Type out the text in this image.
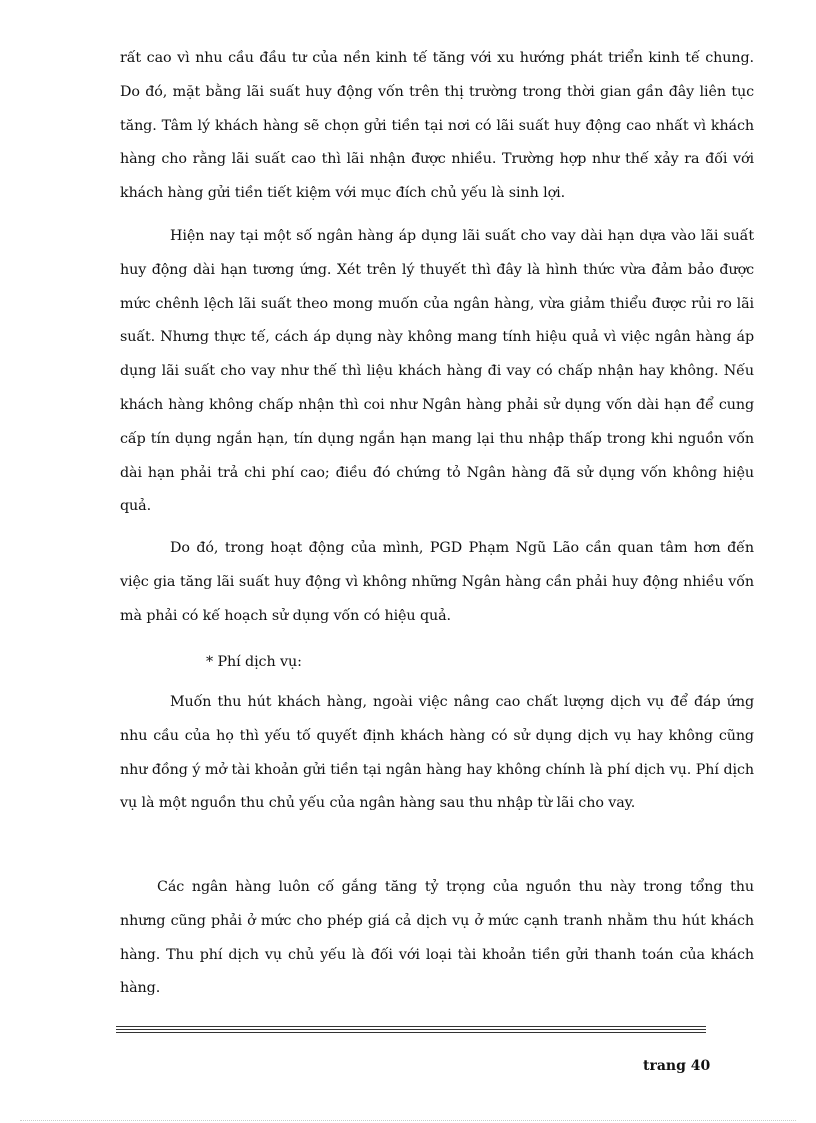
rất cao vì nhu cầu đầu tư của nền kinh tế tăng với xu hướng phát triển kinh tế chung. Do đó, mặt bằng lãi suất huy động vốn trên thị trường trong thời gian gần đây liên tục tăng. Tâm lý khách hàng sẽ chọn gửi tiền tại nơi có lãi suất huy động cao nhất vì khách hàng cho rằng lãi suất cao thì lãi nhận được nhiều. Trường hợp như thế xảy ra đối với khách hàng gửi tiền tiết kiệm với mục đích chủ yếu là sinh lợi.

Hiện nay tại một số ngân hàng áp dụng lãi suất cho vay dài hạn dựa vào lãi suất huy động dài hạn tương ứng. Xét trên lý thuyết thì đây là hình thức vừa đảm bảo được mức chênh lệch lãi suất theo mong muốn của ngân hàng, vừa giảm thiểu được rủi ro lãi suất. Nhưng thực tế, cách áp dụng này không mang tính hiệu quả vì việc ngân hàng áp dụng lãi suất cho vay như thế thì liệu khách hàng đi vay có chấp nhận hay không. Nếu khách hàng không chấp nhận thì coi như Ngân hàng phải sử dụng vốn dài hạn để cung cấp tín dụng ngắn hạn, tín dụng ngắn hạn mang lại thu nhập thấp trong khi nguồn vốn dài hạn phải trả chi phí cao; điều đó chứng tỏ Ngân hàng đã sử dụng vốn không hiệu quả.

Do đó, trong hoạt động của mình, PGD Phạm Ngũ Lão cần quan tâm hơn đến việc gia tăng lãi suất huy động vì không những Ngân hàng cần phải huy động nhiều vốn mà phải có kế hoạch sử dụng vốn có hiệu quả.

* Phí dịch vụ:

Muốn thu hút khách hàng, ngoài việc nâng cao chất lượng dịch vụ để đáp ứng nhu cầu của họ thì yếu tố quyết định khách hàng có sử dụng dịch vụ hay không cũng như đồng ý mở tài khoản gửi tiền tại ngân hàng hay không chính là phí dịch vụ. Phí dịch vụ là một nguồn thu chủ yếu của ngân hàng sau thu nhập từ lãi cho vay.

Các ngân hàng luôn cố gắng tăng tỷ trọng của nguồn thu này trong tổng thu nhưng cũng phải ở mức cho phép giá cả dịch vụ ở mức cạnh tranh nhằm thu hút khách hàng. Thu phí dịch vụ chủ yếu là đối với loại tài khoản tiền gửi thanh toán của khách hàng.

trang 40
